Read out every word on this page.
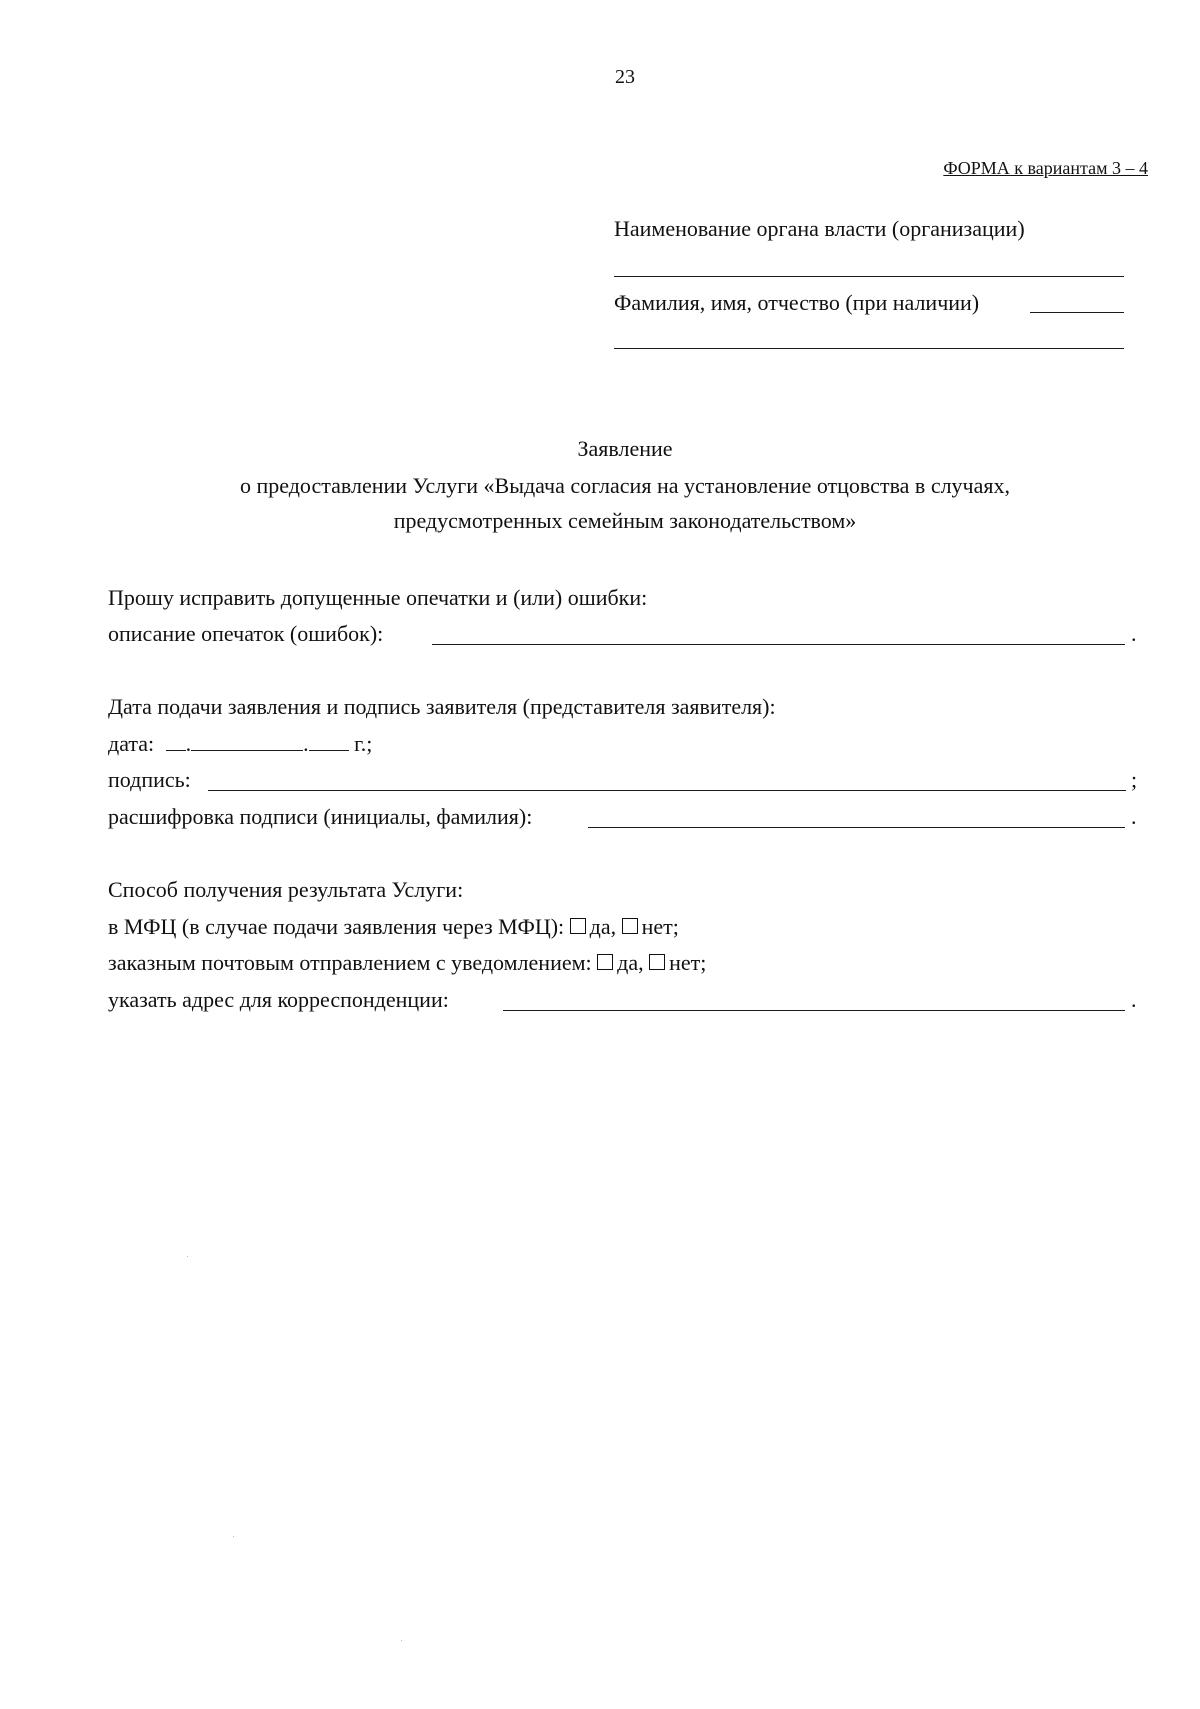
23
ФОРМА к вариантам 3 – 4
Наименование органа власти (организации)
Фамилия, имя, отчество (при наличии)
Заявление
о предоставлении Услуги «Выдача согласия на установление отцовства в случаях,
предусмотренных семейным законодательством»
Прошу исправить допущенные опечатки и (или) ошибки:
описание опечаток (ошибок):	.
Дата подачи заявления и подпись заявителя (представителя заявителя):
дата: .	. г.;
подпись:	;
расшифровка подписи (инициалы, фамилия):	.
Способ получения результата Услуги:
в МФЦ (в случае подачи заявления через МФЦ): да, нет;
заказным почтовым отправлением с уведомлением: да, нет;
указать адрес для корреспонденции:	.
